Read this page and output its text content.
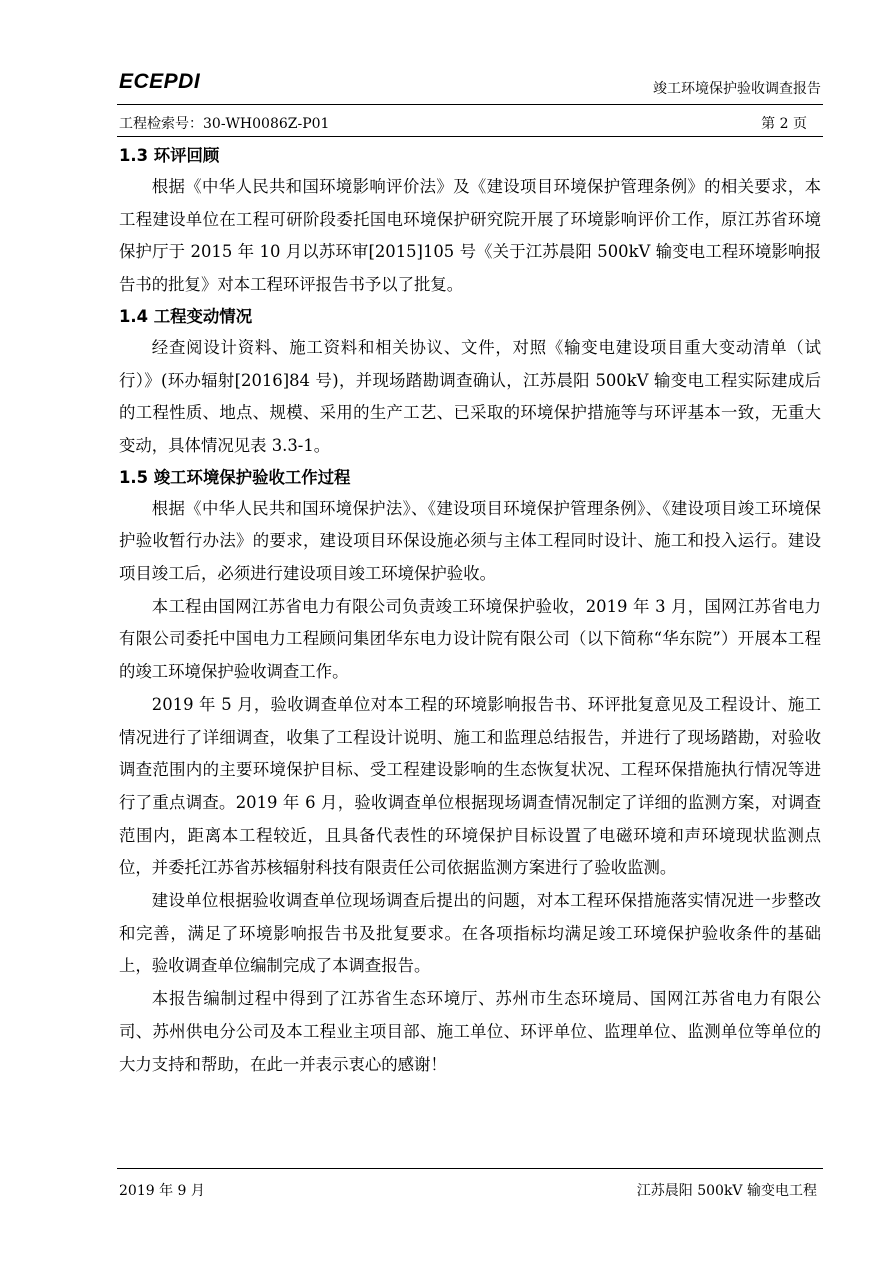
ECEPDI	竣工环境保护验收调查报告
工程检索号：30-WH0086Z-P01	第 2 页
1.3 环评回顾

根据《中华人民共和国环境影响评价法》及《建设项目环境保护管理条例》的相关要求，本工程建设单位在工程可研阶段委托国电环境保护研究院开展了环境影响评价工作，原江苏省环境保护厅于 2015 年 10 月以苏环审[2015]105 号《关于江苏晨阳 500kV 输变电工程环境影响报告书的批复》对本工程环评报告书予以了批复。

1.4 工程变动情况

经查阅设计资料、施工资料和相关协议、文件，对照《输变电建设项目重大变动清单（试行）》(环办辐射[2016]84 号)，并现场踏勘调查确认，江苏晨阳 500kV 输变电工程实际建成后的工程性质、地点、规模、采用的生产工艺、已采取的环境保护措施等与环评基本一致，无重大变动，具体情况见表 3.3-1。

1.5 竣工环境保护验收工作过程

根据《中华人民共和国环境保护法》、《建设项目环境保护管理条例》、《建设项目竣工环境保护验收暂行办法》的要求，建设项目环保设施必须与主体工程同时设计、施工和投入运行。建设项目竣工后，必须进行建设项目竣工环境保护验收。

本工程由国网江苏省电力有限公司负责竣工环境保护验收，2019 年 3 月，国网江苏省电力有限公司委托中国电力工程顾问集团华东电力设计院有限公司（以下简称“华东院”）开展本工程的竣工环境保护验收调查工作。

2019 年 5 月，验收调查单位对本工程的环境影响报告书、环评批复意见及工程设计、施工情况进行了详细调查，收集了工程设计说明、施工和监理总结报告，并进行了现场踏勘，对验收调查范围内的主要环境保护目标、受工程建设影响的生态恢复状况、工程环保措施执行情况等进行了重点调查。2019 年 6 月，验收调查单位根据现场调查情况制定了详细的监测方案，对调查范围内，距离本工程较近，且具备代表性的环境保护目标设置了电磁环境和声环境现状监测点位，并委托江苏省苏核辐射科技有限责任公司依据监测方案进行了验收监测。

建设单位根据验收调查单位现场调查后提出的问题，对本工程环保措施落实情况进一步整改和完善，满足了环境影响报告书及批复要求。在各项指标均满足竣工环境保护验收条件的基础上，验收调查单位编制完成了本调查报告。

本报告编制过程中得到了江苏省生态环境厅、苏州市生态环境局、国网江苏省电力有限公司、苏州供电分公司及本工程业主项目部、施工单位、环评单位、监理单位、监测单位等单位的大力支持和帮助，在此一并表示衷心的感谢！

2019 年 9 月	江苏晨阳 500kV 输变电工程
